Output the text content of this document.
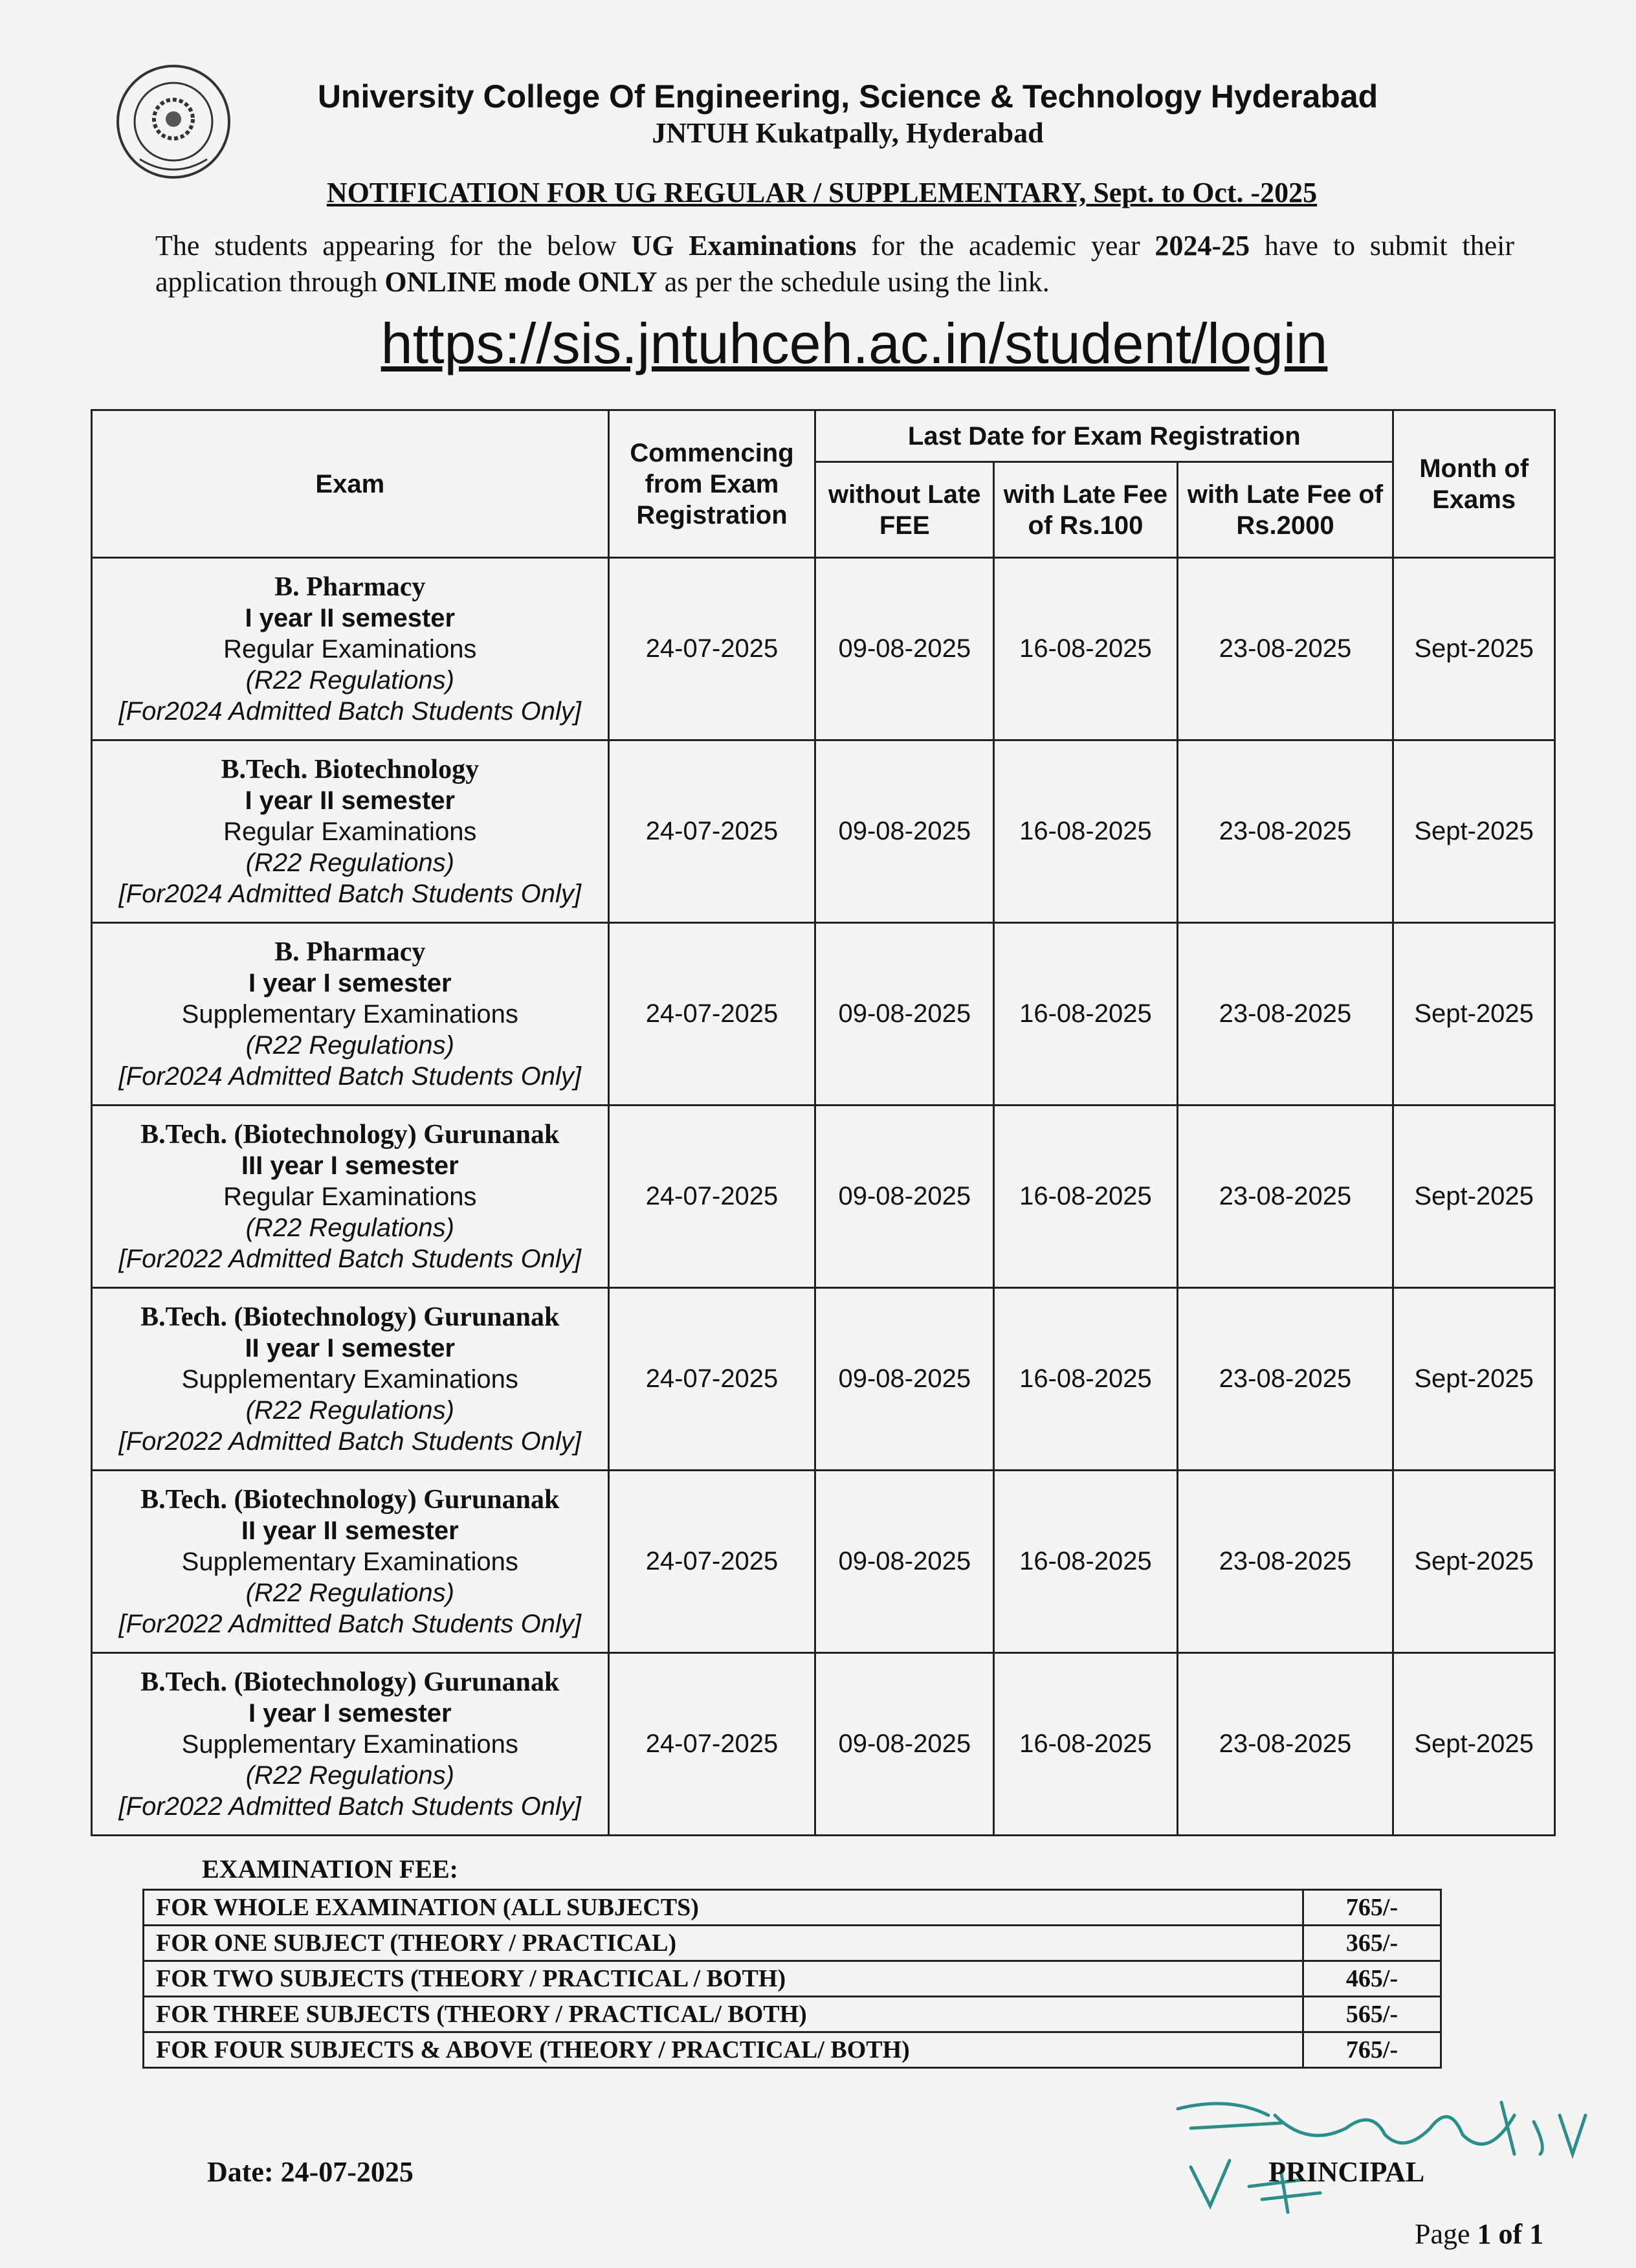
University College Of Engineering, Science & Technology Hyderabad
JNTUH Kukatpally, Hyderabad
NOTIFICATION FOR UG REGULAR / SUPPLEMENTARY, Sept. to Oct. -2025
The students appearing for the below UG Examinations for the academic year 2024-25 have to submit their application through ONLINE mode ONLY as per the schedule using the link.
https://sis.jntuhceh.ac.in/student/login
Exam	Commencing from Exam Registration	Last Date for Exam Registration			Month of Exams
		without Late FEE	with Late Fee of Rs.100	with Late Fee of Rs.2000	

B. Pharmacy
I year II semester
Regular Examinations
(R22 Regulations)
[For2024 Admitted Batch Students Only]	24-07-2025	09-08-2025	16-08-2025	23-08-2025	Sept-2025

B.Tech. Biotechnology
I year II semester
Regular Examinations
(R22 Regulations)
[For2024 Admitted Batch Students Only]	24-07-2025	09-08-2025	16-08-2025	23-08-2025	Sept-2025

B. Pharmacy
I year I semester
Supplementary Examinations
(R22 Regulations)
[For2024 Admitted Batch Students Only]	24-07-2025	09-08-2025	16-08-2025	23-08-2025	Sept-2025

B.Tech. (Biotechnology) Gurunanak
III year I semester
Regular Examinations
(R22 Regulations)
[For2022 Admitted Batch Students Only]	24-07-2025	09-08-2025	16-08-2025	23-08-2025	Sept-2025

B.Tech. (Biotechnology) Gurunanak
II year I semester
Supplementary Examinations
(R22 Regulations)
[For2022 Admitted Batch Students Only]	24-07-2025	09-08-2025	16-08-2025	23-08-2025	Sept-2025

B.Tech. (Biotechnology) Gurunanak
II year II semester
Supplementary Examinations
(R22 Regulations)
[For2022 Admitted Batch Students Only]	24-07-2025	09-08-2025	16-08-2025	23-08-2025	Sept-2025

B.Tech. (Biotechnology) Gurunanak
I year I semester
Supplementary Examinations
(R22 Regulations)
[For2022 Admitted Batch Students Only]	24-07-2025	09-08-2025	16-08-2025	23-08-2025	Sept-2025
EXAMINATION FEE:
FOR WHOLE EXAMINATION (ALL SUBJECTS)	765/-
FOR ONE SUBJECT (THEORY / PRACTICAL)	365/-
FOR TWO SUBJECTS (THEORY / PRACTICAL / BOTH)	465/-
FOR THREE SUBJECTS (THEORY / PRACTICAL/ BOTH)	565/-
FOR FOUR SUBJECTS & ABOVE (THEORY / PRACTICAL/ BOTH)	765/-
Date: 24-07-2025	PRINCIPAL
Page 1 of 1
